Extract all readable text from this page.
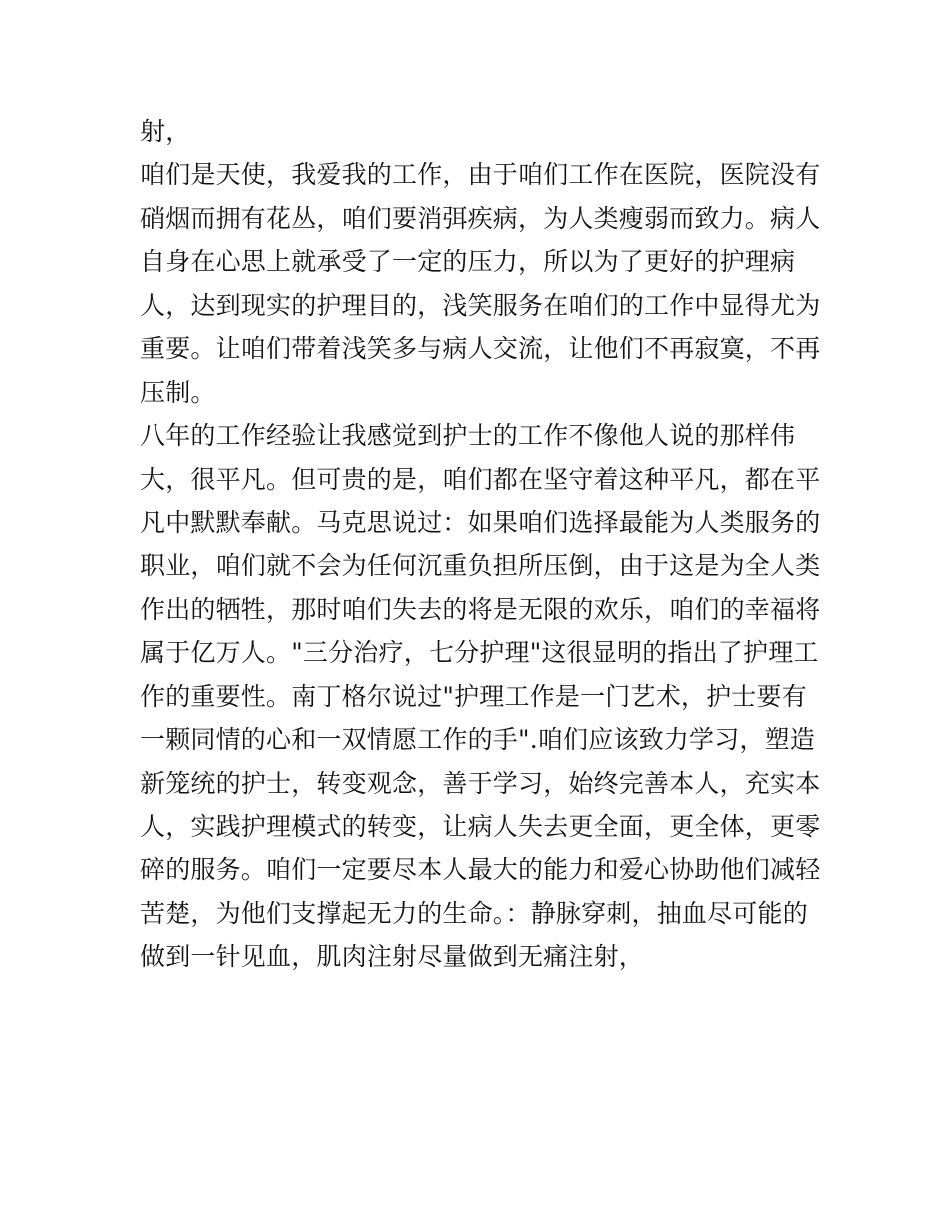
射，
咱们是天使，我爱我的工作，由于咱们工作在医院，医院没有
硝烟而拥有花丛，咱们要消弭疾病，为人类瘦弱而致力。病人
自身在心思上就承受了一定的压力，所以为了更好的护理病
人，达到现实的护理目的，浅笑服务在咱们的工作中显得尤为
重要。让咱们带着浅笑多与病人交流，让他们不再寂寞，不再
压制。
八年的工作经验让我感觉到护士的工作不像他人说的那样伟
大，很平凡。但可贵的是，咱们都在坚守着这种平凡，都在平
凡中默默奉献。马克思说过：如果咱们选择最能为人类服务的
职业，咱们就不会为任何沉重负担所压倒，由于这是为全人类
作出的牺牲，那时咱们失去的将是无限的欢乐，咱们的幸福将
属于亿万人。"三分治疗，七分护理"这很显明的指出了护理工
作的重要性。南丁格尔说过"护理工作是一门艺术，护士要有
一颗同情的心和一双情愿工作的手".咱们应该致力学习，塑造
新笼统的护士，转变观念，善于学习，始终完善本人，充实本
人，实践护理模式的转变，让病人失去更全面，更全体，更零
碎的服务。咱们一定要尽本人最大的能力和爱心协助他们减轻
苦楚，为他们支撑起无力的生命。：静脉穿刺，抽血尽可能的
做到一针见血，肌肉注射尽量做到无痛注射，
